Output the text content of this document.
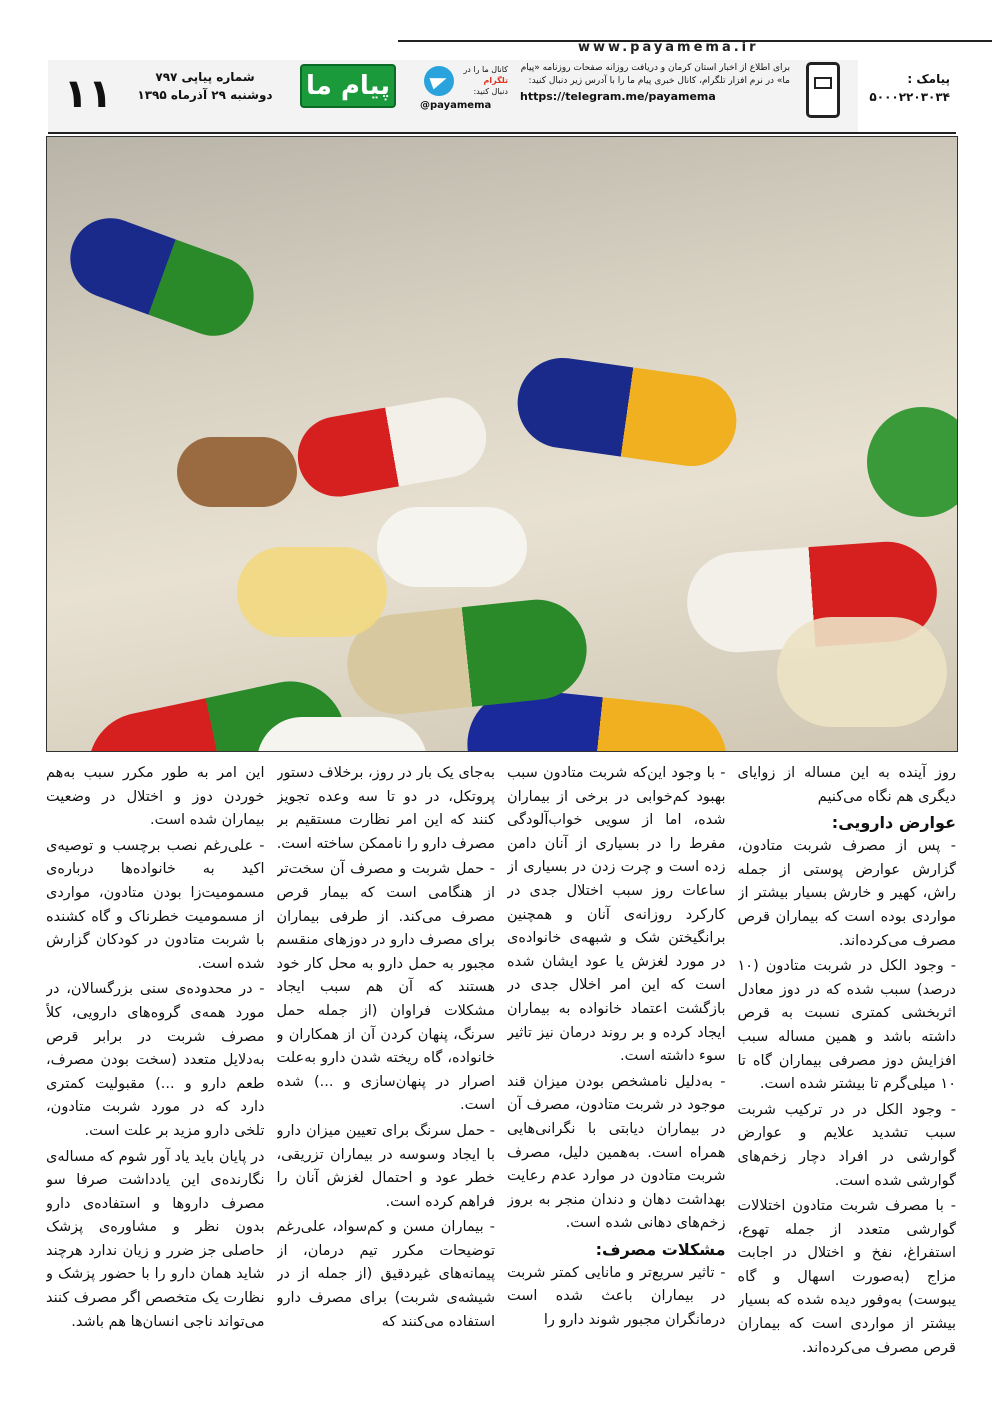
www.payamema.ir
۱۱	شماره پیاپی ۷۹۷
دوشنبه ۲۹ آذرماه ۱۳۹۵	پیام ما
کانال ما را در
تلگرام
دنبال کنید:
@payamema
برای اطلاع از اخبار استان کرمان و دریافت روزانه صفحات روزنامه «پیام ما» در نرم افزار تلگرام، کانال خبری پیام ما را با آدرس زیر دنبال کنید:
https://telegram.me/payamema
پیامک :
۵۰۰۰۲۲۰۳۰۳۴

روز آینده به این مساله از زوایای دیگری هم نگاه می‌کنیم

عوارض دارویی:

- پس از مصرف شربت متادون، گزارش عوارض پوستی از جمله راش، کهیر و خارش بسیار بیشتر از مواردی بوده است که بیماران قرص مصرف می‌کرده‌اند.

- وجود الکل در شربت متادون (۱۰ درصد) سبب شده که در دوز معادل اثربخشی کمتری نسبت به قرص داشته باشد و همین مساله سبب افزایش دوز مصرفی بیماران گاه تا ۱۰ میلی‌گرم تا بیشتر شده است.

- وجود الکل در در ترکیب شربت سبب تشدید علایم و عوارض گوارشی در افراد دچار زخم‌های گوارشی شده است.

- با مصرف شربت متادون اختلالات گوارشی متعدد از جمله تهوع، استفراغ، نفخ و اختلال در اجابت مزاج (به‌صورت اسهال و گاه یبوست) به‌وفور دیده شده که بسیار بیشتر از مواردی است که بیماران قرص مصرف می‌کرده‌اند.

- با وجود این‌که شربت متادون سبب بهبود کم‌خوابی در برخی از بیماران شده، اما از سویی خواب‌آلودگی مفرط را در بسیاری از آنان دامن زده است و چرت زدن در بسیاری از ساعات روز سبب اختلال جدی در کارکرد روزانه‌ی آنان و همچنین برانگیختن شک و شبهه‌ی خانواده‌ی در مورد لغزش یا عود ایشان شده است که این امر اخلال جدی در بازگشت اعتماد خانواده به بیماران ایجاد کرده و بر روند درمان نیز تاثیر سوء داشته است.

- به‌دلیل نامشخص بودن میزان قند موجود در شربت متادون، مصرف آن در بیماران دیابتی با نگرانی‌هایی همراه است. به‌همین دلیل، مصرف شربت متادون در موارد عدم رعایت بهداشت دهان و دندان منجر به بروز زخم‌های دهانی شده است.

مشکلات مصرف:

- تاثیر سریع‌تر و مانایی کمتر شربت در بیماران باعث شده است درمانگران مجبور شوند دارو را

به‌جای یک بار در روز، برخلاف دستور پروتکل، در دو تا سه وعده تجویز کنند که این امر نظارت مستقیم بر مصرف دارو را ناممکن ساخته است.

- حمل شربت و مصرف آن سخت‌تر از هنگامی است که بیمار قرص مصرف می‌کند. از طرفی بیماران برای مصرف دارو در دوزهای منقسم مجبور به حمل دارو به محل کار خود هستند که آن هم سبب ایجاد مشکلات فراوان (از جمله حمل سرنگ، پنهان کردن آن از همکاران و خانواده، گاه ریخته شدن دارو به‌علت اصرار در پنهان‌سازی و ...) شده است.

- حمل سرنگ برای تعیین میزان دارو با ایجاد وسوسه در بیماران تزریقی، خطر عود و احتمال لغزش آنان را فراهم کرده است.

- بیماران مسن و کم‌سواد، علی‌رغم توضیحات مکرر تیم درمان، از پیمانه‌های غیردقیق (از جمله از در شیشه‌ی شربت) برای مصرف دارو استفاده می‌کنند که

این امر به طور مکرر سبب به‌هم خوردن دوز و اختلال در وضعیت بیماران شده است.

- علی‌رغم نصب برچسب و توصیه‌ی اکید به خانواده‌ها درباره‌ی مسمومیت‌زا بودن متادون، مواردی از مسمومیت خطرناک و گاه کشنده با شربت متادون در کودکان گزارش شده است.

- در محدوده‌ی سنی بزرگسالان، در مورد همه‌ی گروه‌های دارویی، کلاً مصرف شربت در برابر قرص به‌دلایل متعدد (سخت بودن مصرف، طعم دارو و ...) مقبولیت کمتری دارد که در مورد شربت متادون، تلخی دارو مزید بر علت است.

در پایان باید یاد آور شوم که مساله‌ی نگارنده‌ی این یادداشت صرفا سو مصرف داروها و استفاده‌ی دارو بدون نظر و مشاوره‌ی پزشک حاصلی جز ضرر و زیان ندارد هرچند شاید همان دارو را با حضور پزشک و نظارت یک متخصص اگر مصرف کنند می‌تواند ناجی انسان‌ها هم باشد.
